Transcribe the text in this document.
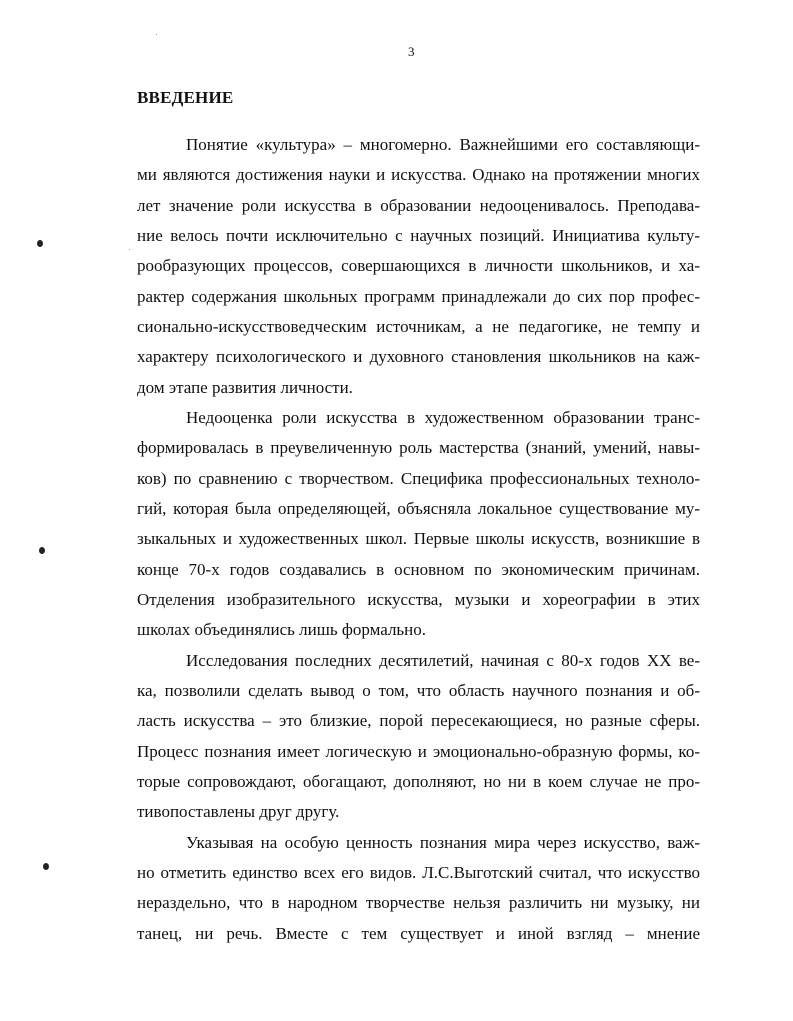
3
ВВЕДЕНИЕ
Понятие «культура» – многомерно. Важнейшими его составляющи-
ми являются достижения науки и искусства. Однако на протяжении многих
лет значение роли искусства в образовании недооценивалось. Преподава-
ние велось почти исключительно с научных позиций. Инициатива культу-
рообразующих процессов, совершающихся в личности школьников, и ха-
рактер содержания школьных программ принадлежали до сих пор профес-
сионально-искусствоведческим источникам, а не педагогике, не темпу и
характеру психологического и духовного становления школьников на каж-
дом этапе развития личности.
Недооценка роли искусства в художественном образовании транс-
формировалась в преувеличенную роль мастерства (знаний, умений, навы-
ков) по сравнению с творчеством. Специфика профессиональных техноло-
гий, которая была определяющей, объясняла локальное существование му-
зыкальных и художественных школ. Первые школы искусств, возникшие в
конце 70-х годов создавались в основном по экономическим причинам.
Отделения изобразительного искусства, музыки и хореографии в этих
школах объединялись лишь формально.
Исследования последних десятилетий, начиная с 80-х годов XX ве-
ка, позволили сделать вывод о том, что область научного познания и об-
ласть искусства – это близкие, порой пересекающиеся, но разные сферы.
Процесс познания имеет логическую и эмоционально-образную формы, ко-
торые сопровождают, обогащают, дополняют, но ни в коем случае не про-
тивопоставлены друг другу.
Указывая на особую ценность познания мира через искусство, важ-
но отметить единство всех его видов. Л.С.Выготский считал, что искусство
нераздельно, что в народном творчестве нельзя различить ни музыку, ни
танец, ни речь. Вместе с тем существует и иной взгляд – мнение
